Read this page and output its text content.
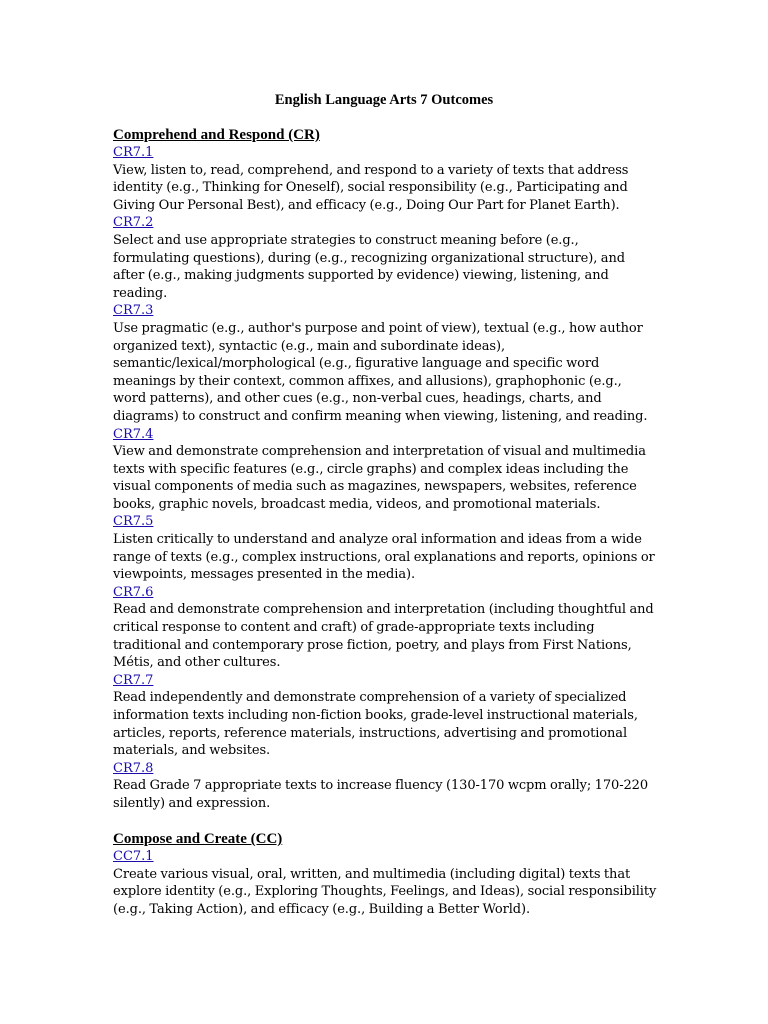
English Language Arts 7 Outcomes
Comprehend and Respond (CR)
CR7.1

View, listen to, read, comprehend, and respond to a variety of texts that address identity (e.g., Thinking for Oneself), social responsibility (e.g., Participating and Giving Our Personal Best), and efficacy (e.g., Doing Our Part for Planet Earth).

CR7.2

Select and use appropriate strategies to construct meaning before (e.g., formulating questions), during (e.g., recognizing organizational structure), and after (e.g., making judgments supported by evidence) viewing, listening, and reading.

CR7.3

Use pragmatic (e.g., author's purpose and point of view), textual (e.g., how author organized text), syntactic (e.g., main and subordinate ideas), semantic/lexical/morphological (e.g., figurative language and specific word meanings by their context, common affixes, and allusions), graphophonic (e.g., word patterns), and other cues (e.g., non-verbal cues, headings, charts, and diagrams) to construct and confirm meaning when viewing, listening, and reading.

CR7.4

View and demonstrate comprehension and interpretation of visual and multimedia texts with specific features (e.g., circle graphs) and complex ideas including the visual components of media such as magazines, newspapers, websites, reference books, graphic novels, broadcast media, videos, and promotional materials.

CR7.5

Listen critically to understand and analyze oral information and ideas from a wide range of texts (e.g., complex instructions, oral explanations and reports, opinions or viewpoints, messages presented in the media).

CR7.6

Read and demonstrate comprehension and interpretation (including thoughtful and critical response to content and craft) of grade-appropriate texts including traditional and contemporary prose fiction, poetry, and plays from First Nations, Métis, and other cultures.

CR7.7

Read independently and demonstrate comprehension of a variety of specialized information texts including non-fiction books, grade-level instructional materials, articles, reports, reference materials, instructions, advertising and promotional materials, and websites.

CR7.8

Read Grade 7 appropriate texts to increase fluency (130-170 wcpm orally; 170-220 silently) and expression.

Compose and Create (CC)
CC7.1

Create various visual, oral, written, and multimedia (including digital) texts that explore identity (e.g., Exploring Thoughts, Feelings, and Ideas), social responsibility (e.g., Taking Action), and efficacy (e.g., Building a Better World).
